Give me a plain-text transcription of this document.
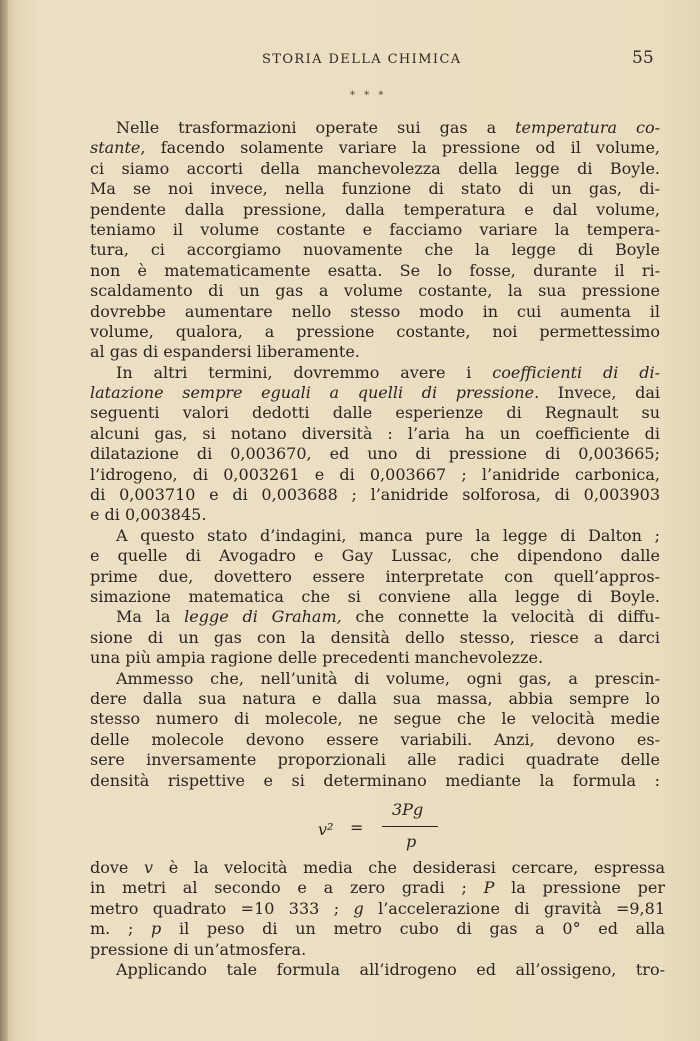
STORIA DELLA CHIMICA	55
* * *
Nelle trasformazioni operate sui gas a temperatura co-
stante, facendo solamente variare la pressione od il volume,
ci siamo accorti della manchevolezza della legge di Boyle.
Ma se noi invece, nella funzione di stato di un gas, di-
pendente dalla pressione, dalla temperatura e dal volume,
teniamo il volume costante e facciamo variare la tempera-
tura, ci accorgiamo nuovamente che la legge di Boyle
non è matematicamente esatta. Se lo fosse, durante il ri-
scaldamento di un gas a volume costante, la sua pressione
dovrebbe aumentare nello stesso modo in cui aumenta il
volume, qualora, a pressione costante, noi permettessimo
al gas di espandersi liberamente.
In altri termini, dovremmo avere i coefficienti di di-
latazione sempre eguali a quelli di pressione. Invece, dai
seguenti valori dedotti dalle esperienze di Regnault su
alcuni gas, si notano diversità : l’aria ha un coefficiente di
dilatazione di 0,003670, ed uno di pressione di 0,003665;
l’idrogeno, di 0,003261 e di 0,003667 ; l’anidride carbonica,
di 0,003710 e di 0,003688 ; l’anidride solforosa, di 0,003903
e di 0,003845.
A questo stato d’indagini, manca pure la legge di Dalton ;
e quelle di Avogadro e Gay Lussac, che dipendono dalle
prime due, dovettero essere interpretate con quell’appros-
simazione matematica che si conviene alla legge di Boyle.
Ma la legge di Graham, che connette la velocità di diffu-
sione di un gas con la densità dello stesso, riesce a darci
una più ampia ragione delle precedenti manchevolezze.
Ammesso che, nell’unità di volume, ogni gas, a prescin-
dere dalla sua natura e dalla sua massa, abbia sempre lo
stesso numero di molecole, ne segue che le velocità medie
delle molecole devono essere variabili. Anzi, devono es-
sere inversamente proporzionali alle radici quadrate delle
densità rispettive e si determinano mediante la formula :
v² =
3Pg
p
dove v è la velocità media che desiderasi cercare, espressa
in metri al secondo e a zero gradi ; P la pressione per
metro quadrato =10 333 ; g l’accelerazione di gravità =9,81
m. ; p il peso di un metro cubo di gas a 0° ed alla
pressione di un’atmosfera.
Applicando tale formula all’idrogeno ed all’ossigeno, tro-
